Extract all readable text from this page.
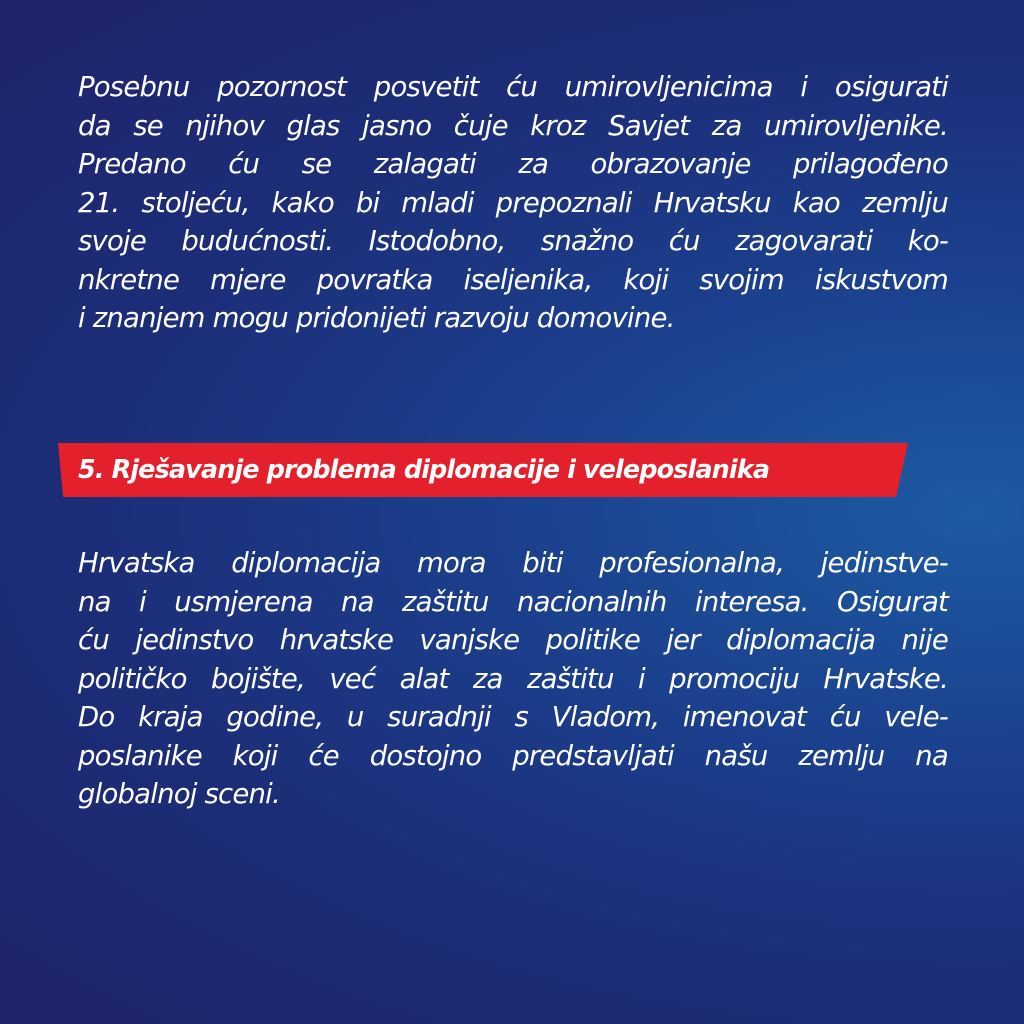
Posebnu pozornost posvetit ću umirovljenicima i osigurati
da se njihov glas jasno čuje kroz Savjet za umirovljenike.
Predano ću se zalagati za obrazovanje prilagođeno
21. stoljeću, kako bi mladi prepoznali Hrvatsku kao zemlju
svoje budućnosti. Istodobno, snažno ću zagovarati ko-
nkretne mjere povratka iseljenika, koji svojim iskustvom
i znanjem mogu pridonijeti razvoju domovine.

5. Rješavanje problema diplomacije i veleposlanika

Hrvatska diplomacija mora biti profesionalna, jedinstve-
na i usmjerena na zaštitu nacionalnih interesa. Osigurat
ću jedinstvo hrvatske vanjske politike jer diplomacija nije
političko bojište, već alat za zaštitu i promociju Hrvatske.
Do kraja godine, u suradnji s Vladom, imenovat ću vele-
poslanike koji će dostojno predstavljati našu zemlju na
globalnoj sceni.
